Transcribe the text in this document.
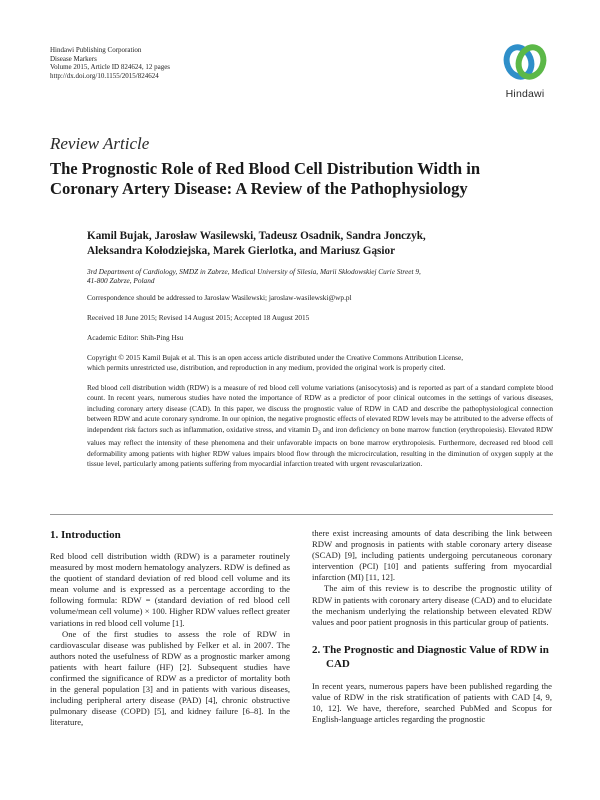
Hindawi Publishing Corporation
Disease Markers
Volume 2015, Article ID 824624, 12 pages
http://dx.doi.org/10.1155/2015/824624
Hindawi
Review Article
The Prognostic Role of Red Blood Cell Distribution Width in Coronary Artery Disease: A Review of the Pathophysiology
Kamil Bujak, Jarosław Wasilewski, Tadeusz Osadnik, Sandra Jonczyk,
Aleksandra Kołodziejska, Marek Gierlotka, and Mariusz Gąsior
3rd Department of Cardiology, SMDZ in Zabrze, Medical University of Silesia, Marii Skłodowskiej Curie Street 9,
41-800 Zabrze, Poland
Correspondence should be addressed to Jarosław Wasilewski; jaroslaw-wasilewski@wp.pl
Received 18 June 2015; Revised 14 August 2015; Accepted 18 August 2015
Academic Editor: Shih-Ping Hsu
Copyright © 2015 Kamil Bujak et al. This is an open access article distributed under the Creative Commons Attribution License,
which permits unrestricted use, distribution, and reproduction in any medium, provided the original work is properly cited.
Red blood cell distribution width (RDW) is a measure of red blood cell volume variations (anisocytosis) and is reported as part of a standard complete blood count. In recent years, numerous studies have noted the importance of RDW as a predictor of poor clinical outcomes in the settings of various diseases, including coronary artery disease (CAD). In this paper, we discuss the prognostic value of RDW in CAD and describe the pathophysiological connection between RDW and acute coronary syndrome. In our opinion, the negative prognostic effects of elevated RDW levels may be attributed to the adverse effects of independent risk factors such as inflammation, oxidative stress, and vitamin $D_3$ and iron deficiency on bone marrow function (erythropoiesis). Elevated RDW values may reflect the intensity of these phenomena and their unfavorable impacts on bone marrow erythropoiesis. Furthermore, decreased red blood cell deformability among patients with higher RDW values impairs blood flow through the microcirculation, resulting in the diminution of oxygen supply at the tissue level, particularly among patients suffering from myocardial infarction treated with urgent revascularization.
1. Introduction

Red blood cell distribution width (RDW) is a parameter routinely measured by most modern hematology analyzers. RDW is defined as the quotient of standard deviation of red blood cell volume and its mean volume and is expressed as a percentage according to the following formula: RDW = (standard deviation of red blood cell volume/mean cell volume) × 100. Higher RDW values reflect greater variations in red blood cell volume [1].

One of the first studies to assess the role of RDW in cardiovascular disease was published by Felker et al. in 2007. The authors noted the usefulness of RDW as a prognostic marker among patients with heart failure (HF) [2]. Subsequent studies have confirmed the significance of RDW as a predictor of mortality both in the general population [3] and in patients with various diseases, including peripheral artery disease (PAD) [4], chronic obstructive pulmonary disease (COPD) [5], and kidney failure [6–8]. In the literature,

there exist increasing amounts of data describing the link between RDW and prognosis in patients with stable coronary artery disease (SCAD) [9], including patients undergoing percutaneous coronary intervention (PCI) [10] and patients suffering from myocardial infarction (MI) [11, 12].

The aim of this review is to describe the prognostic utility of RDW in patients with coronary artery disease (CAD) and to elucidate the mechanism underlying the relationship between elevated RDW values and poor patient prognosis in this particular group of patients.

2. The Prognostic and Diagnostic Value of RDW in CAD

In recent years, numerous papers have been published regarding the value of RDW in the risk stratification of patients with CAD [4, 9, 10, 12]. We have, therefore, searched PubMed and Scopus for English-language articles regarding the prognostic
